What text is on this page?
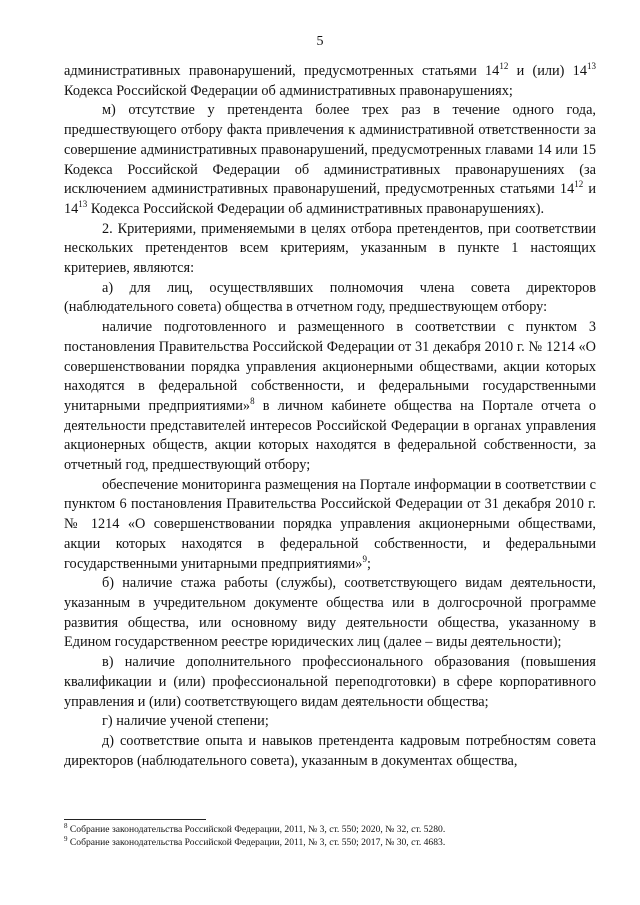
5

административных правонарушений, предусмотренных статьями $14^{12}$ и (или) $14^{13}$ Кодекса Российской Федерации об административных правонарушениях;

м) отсутствие у претендента более трех раз в течение одного года, предшествующего отбору факта привлечения к административной ответственности за совершение административных правонарушений, предусмотренных главами 14 или 15 Кодекса Российской Федерации об административных правонарушениях (за исключением административных правонарушений, предусмотренных статьями $14^{12}$ и $14^{13}$ Кодекса Российской Федерации об административных правонарушениях).

2. Критериями, применяемыми в целях отбора претендентов, при соответствии нескольких претендентов всем критериям, указанным в пункте 1 настоящих критериев, являются:

а) для лиц, осуществлявших полномочия члена совета директоров (наблюдательного совета) общества в отчетном году, предшествующем отбору:

наличие подготовленного и размещенного в соответствии с пунктом 3 постановления Правительства Российской Федерации от 31 декабря 2010 г. № 1214 «О совершенствовании порядка управления акционерными обществами, акции которых находятся в федеральной собственности, и федеральными государственными унитарными предприятиями»$^8$ в личном кабинете общества на Портале отчета о деятельности представителей интересов Российской Федерации в органах управления акционерных обществ, акции которых находятся в федеральной собственности, за отчетный год, предшествующий отбору;

обеспечение мониторинга размещения на Портале информации в соответствии с пунктом 6 постановления Правительства Российской Федерации от 31 декабря 2010 г. № 1214 «О совершенствовании порядка управления акционерными обществами, акции которых находятся в федеральной собственности, и федеральными государственными унитарными предприятиями»$^9$;

б) наличие стажа работы (службы), соответствующего видам деятельности, указанным в учредительном документе общества или в долгосрочной программе развития общества, или основному виду деятельности общества, указанному в Едином государственном реестре юридических лиц (далее – виды деятельности);

в) наличие дополнительного профессионального образования (повышения квалификации и (или) профессиональной переподготовки) в сфере корпоративного управления и (или) соответствующего видам деятельности общества;

г) наличие ученой степени;

д) соответствие опыта и навыков претендента кадровым потребностям совета директоров (наблюдательного совета), указанным в документах общества,

$^8$ Собрание законодательства Российской Федерации, 2011, № 3, ст. 550; 2020, № 32, ст. 5280.

$^9$ Собрание законодательства Российской Федерации, 2011, № 3, ст. 550; 2017, № 30, ст. 4683.
